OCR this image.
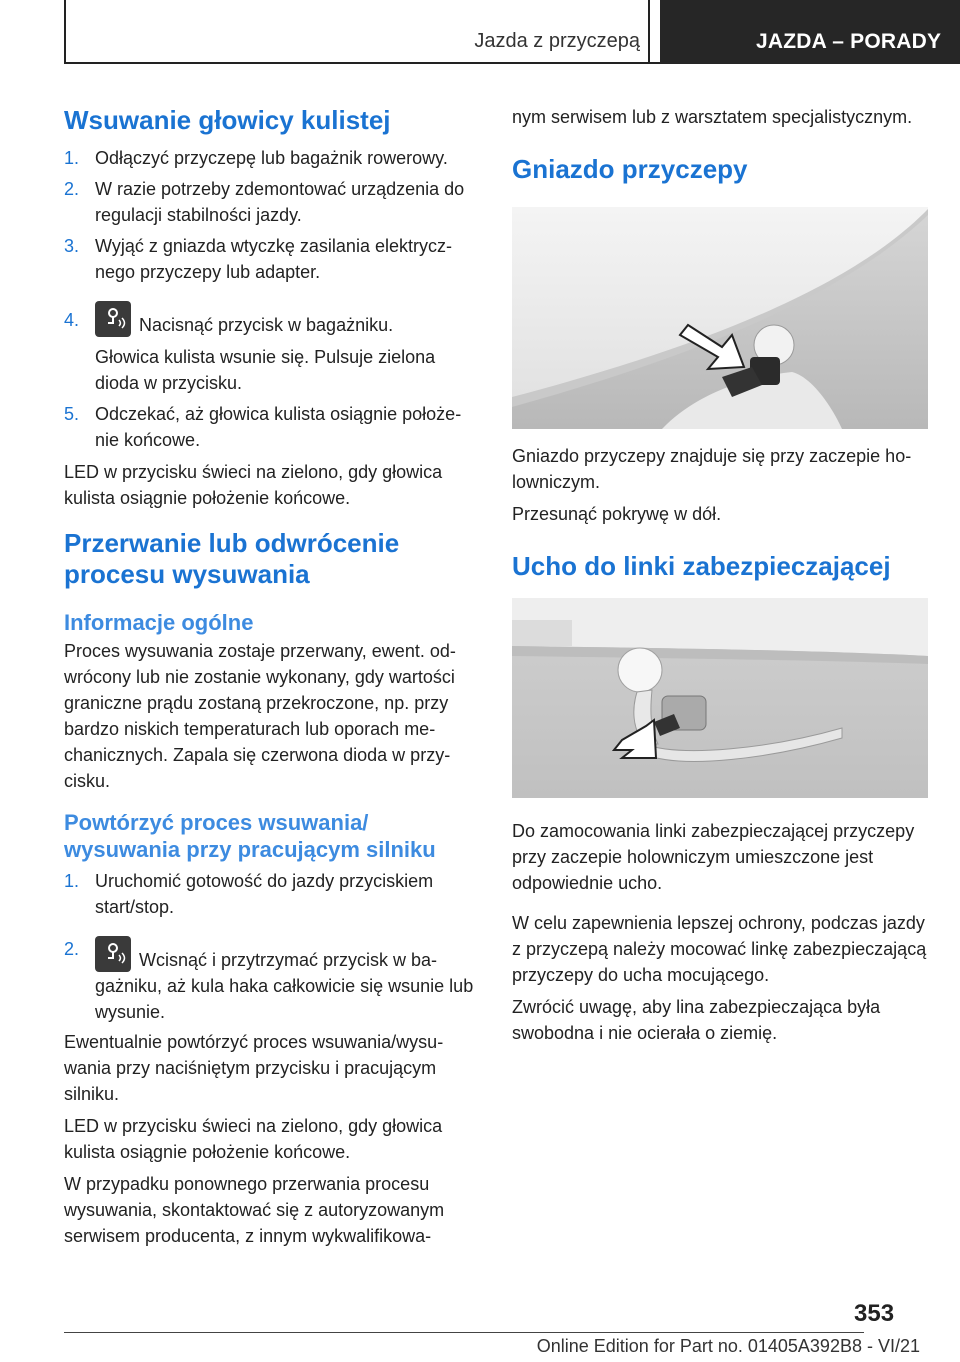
Jazda z przyczepą	JAZDA – PORADY
Wsuwanie głowicy kulistej
1. Odłączyć przyczepę lub bagażnik rowerowy.
2. W razie potrzeby zdemontować urządzenia do regulacji stabilności jazdy.
3. Wyjąć z gniazda wtyczkę zasilania elektrycznego przyczepy lub adapter.
4.	Nacisnąć przycisk w bagażniku.

Głowica kulista wsunie się. Pulsuje zielona dioda w przycisku.

5. Odczekać, aż głowica kulista osiągnie położenie końcowe.

LED w przycisku świeci na zielono, gdy głowica kulista osiągnie położenie końcowe.

Przerwanie lub odwrócenie procesu wysuwania
Informacje ogólne

Proces wysuwania zostaje przerwany, ewent. odwrócony lub nie zostanie wykonany, gdy wartości graniczne prądu zostaną przekroczone, np. przy bardzo niskich temperaturach lub oporach mechanicznych. Zapala się czerwona dioda w przycisku.

Powtórzyć proces wsuwania/ wysuwania przy pracującym silniku
1. Uruchomić gotowość do jazdy przyciskiem start/stop.
2.
Wcisnąć i przytrzymać przycisk w bagażniku, aż kula haka całkowicie się wsunie lub wysunie.

Ewentualnie powtórzyć proces wsuwania/wysuwania przy naciśniętym przycisku i pracującym silniku.

LED w przycisku świeci na zielono, gdy głowica kulista osiągnie położenie końcowe.

W przypadku ponownego przerwania procesu wysuwania, skontaktować się z autoryzowanym serwisem producenta, z innym wykwalifikowa-

nym serwisem lub z warsztatem specjalistycznym.

Gniazdo przyczepy

Gniazdo przyczepy znajduje się przy zaczepie holowniczym.

Przesunąć pokrywę w dół.

Ucho do linki zabezpieczającej

Do zamocowania linki zabezpieczającej przyczepy przy zaczepie holowniczym umieszczone jest odpowiednie ucho.

W celu zapewnienia lepszej ochrony, podczas jazdy z przyczepą należy mocować linkę zabezpieczającą przyczepy do ucha mocującego.

Zwrócić uwagę, aby lina zabezpieczająca była swobodna i nie ocierała o ziemię.

353
Online Edition for Part no. 01405A392B8 - VI/21
